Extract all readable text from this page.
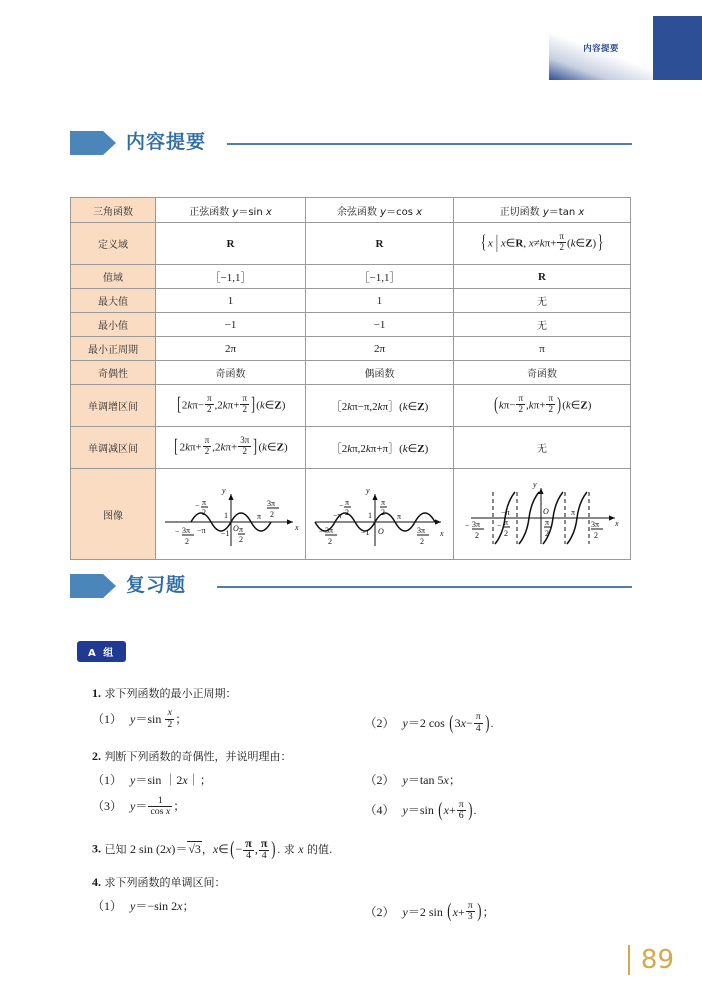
内容提要
内容提要
三角函数	正弦函数 y＝sin x	余弦函数 y＝cos x	正切函数 y＝tan x
定义域	R	R	{ x  |  x∈R, $x\ne k\pi+ \frac{\pi}{2}$ (k∈Z)}
值域	［−1,1］	［−1,1］	R
最大值	1	1	无
最小值	−1	−1	无
最小正周期	2π	2π	π
奇偶性	奇函数	偶函数	奇函数
单调增区间	[$2k\pi- \frac{\pi}{2} ,2k\pi+ \frac{\pi}{2}$ ](k∈Z)	［2kπ−π,2kπ］(k∈Z)	($k\pi- \frac{\pi}{2} ,k\pi+ \frac{\pi}{2}$ )(k∈Z)
单调减区间	[$2k\pi+ \frac{\pi}{2} ,2k\pi+ \frac{3\pi}{2}$ ](k∈Z)	［2kπ,2kπ+π］(k∈Z)	无
图像	
x
y
O
1
−1
− π
2
π
2
− 3π
2
−π
π
3π
2

x
y
O
1
−1
− π
2
−π
π
2 π
− 3π
2
3π
2

x
y
O
−π	π
− 3π
2
− π
2
π
2
3π
2
复习题
A 组
1. 求下列函数的最小正周期：
（1） $y=\sin \frac{x}{2}$ ；	（2） y＝2 $\cos (3x- \frac{\pi}{4}$ ).
2. 判断下列函数的奇偶性，并说明理由：
（1） y＝sin ｜2x｜；	（2） y＝tan 5x；
（3） $y= \frac{1}{\text{cos x}}$ ；	（4） y＝sin ($x+ \frac{\pi}{6}$ ).
3. 已知 2 sin (2x)＝√3，x∈(− $\frac{\pi}{4}$ , $\frac{\pi}{4}$ ). 求 x 的值.
4. 求下列函数的单调区间：
（1） y＝−sin 2x；	（2） y＝2 $\sin (x+ \frac{\pi}{3}$ )；
89
